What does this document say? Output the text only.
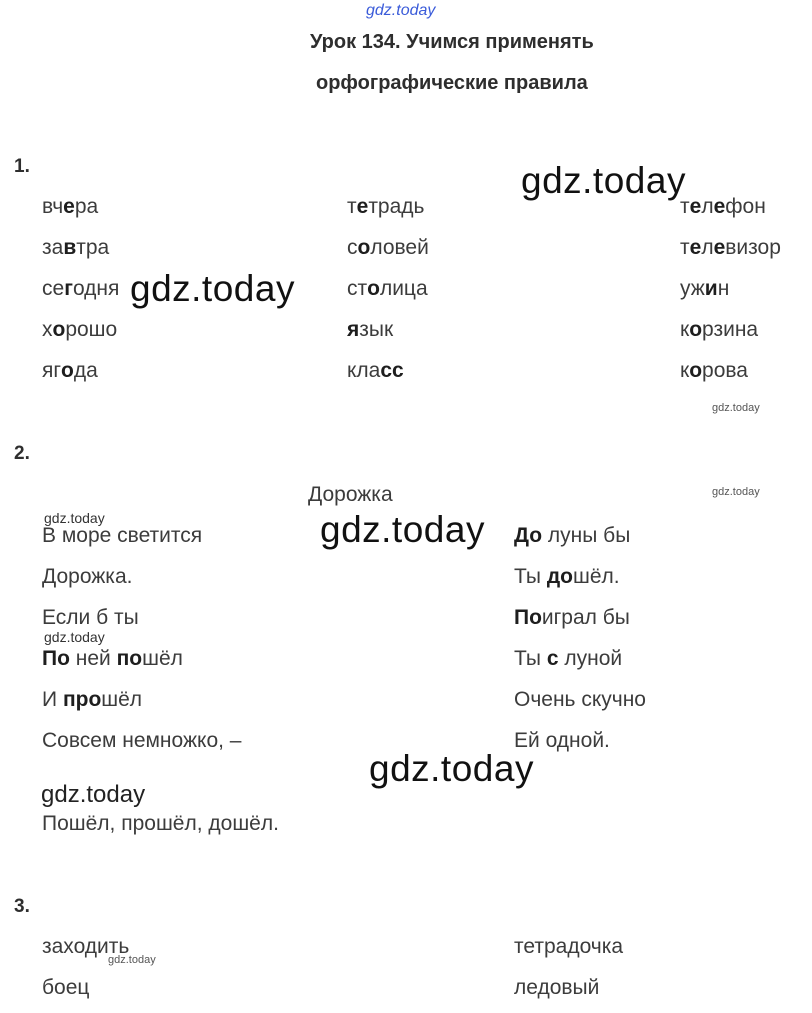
gdz.today
Урок 134. Учимся применять
орфографические правила
1.
вчера
завтра
сегодня
хорошо
ягода
тетрадь
соловей
столица
язык
класс
телефон
телевизор
ужин
корзина
корова
2.
Дорожка
В море светится
Дорожка.
Если б ты
По ней пошёл
И прошёл
Совсем немножко, –
До луны бы
Ты дошёл.
Поиграл бы
Ты с луной
Очень скучно
Ей одной.
Пошёл, прошёл, дошёл.
3.
заходить
боец
тетрадочка
ледовый
gdz.today
gdz.today
gdz.today
gdz.today
gdz.today	gdz.today
gdz.today
gdz.today
gdz.today
gdz.today
